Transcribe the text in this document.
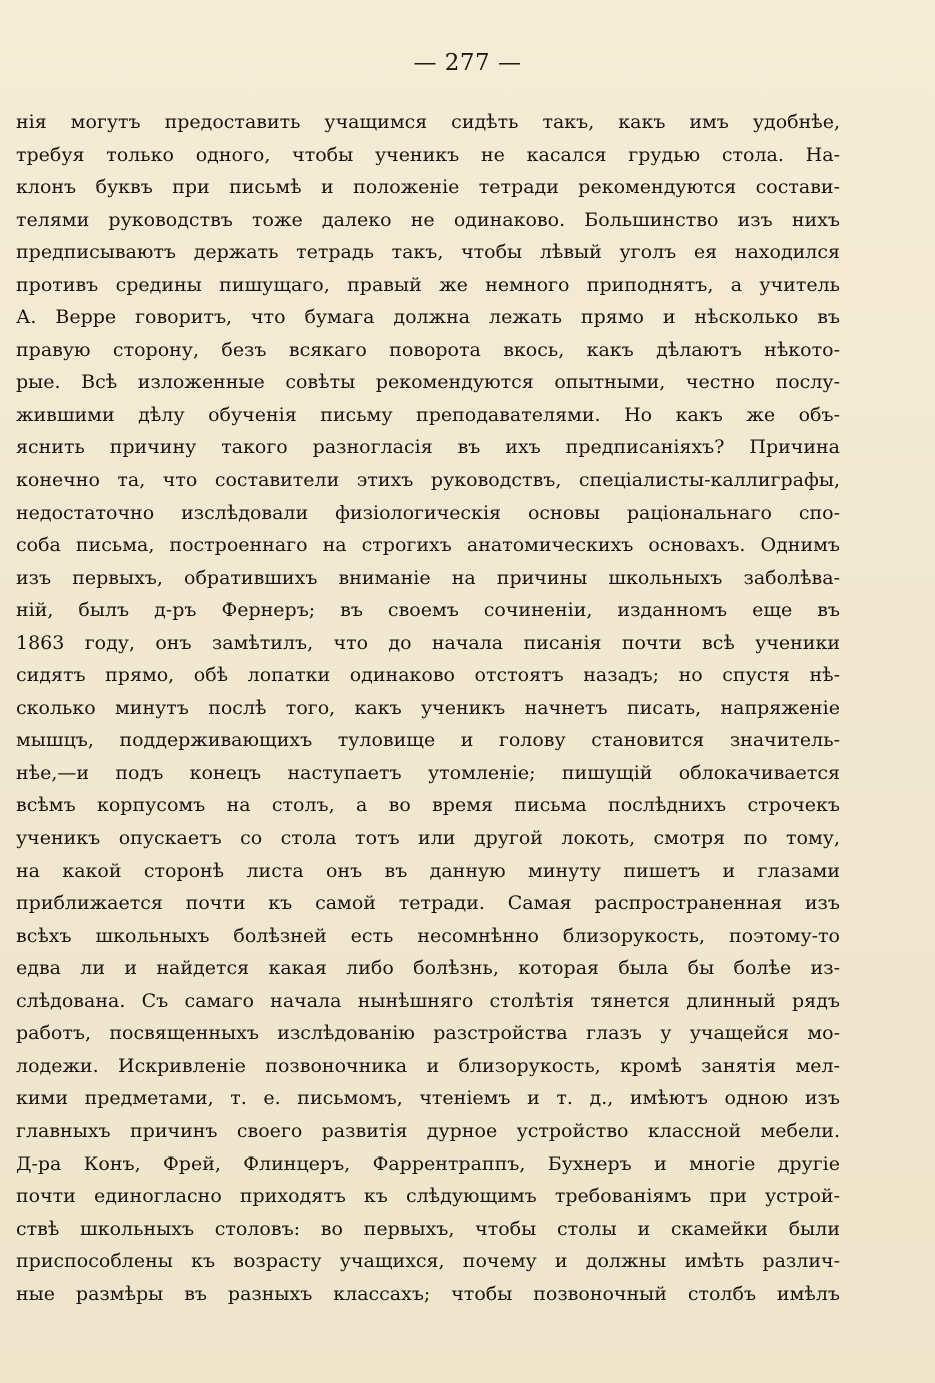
— 277 —
нія могутъ предоставить учащимся сидѣть такъ, какъ имъ удобнѣе,
требуя только одного, чтобы ученикъ не касался грудью стола. На-
клонъ буквъ при письмѣ и положеніе тетради рекомендуются состави-
телями руководствъ тоже далеко не одинаково. Большинство изъ нихъ
предписываютъ держать тетрадь такъ, чтобы лѣвый уголъ ея находился
противъ средины пишущаго, правый же немного приподнятъ, а учитель
А. Верре говоритъ, что бумага должна лежать прямо и нѣсколько въ
правую сторону, безъ всякаго поворота вкось, какъ дѣлаютъ нѣкото-
рые. Всѣ изложенные совѣты рекомендуются опытными, честно послу-
жившими дѣлу обученія письму преподавателями. Но какъ же объ-
яснить причину такого разногласія въ ихъ предписаніяхъ? Причина
конечно та, что составители этихъ руководствъ, спеціалисты-каллиграфы,
недостаточно изслѣдовали физіологическія основы раціональнаго спо-
соба письма, построеннаго на строгихъ анатомическихъ основахъ. Однимъ
изъ первыхъ, обратившихъ вниманіе на причины школьныхъ заболѣва-
ній, былъ д-ръ Фернеръ; въ своемъ сочиненіи, изданномъ еще въ
1863 году, онъ замѣтилъ, что до начала писанія почти всѣ ученики
сидятъ прямо, обѣ лопатки одинаково отстоятъ назадъ; но спустя нѣ-
сколько минутъ послѣ того, какъ ученикъ начнетъ писать, напряженіе
мышцъ, поддерживающихъ туловище и голову становится значитель-
нѣе,—и подъ конецъ наступаетъ утомленіе; пишущій облокачивается
всѣмъ корпусомъ на столъ, а во время письма послѣднихъ строчекъ
ученикъ опускаетъ со стола тотъ или другой локоть, смотря по тому,
на какой сторонѣ листа онъ въ данную минуту пишетъ и глазами
приближается почти къ самой тетради. Самая распространенная изъ
всѣхъ школьныхъ болѣзней есть несомнѣнно близорукость, поэтому-то
едва ли и найдется какая либо болѣзнь, которая была бы болѣе из-
слѣдована. Съ самаго начала нынѣшняго столѣтія тянется длинный рядъ
работъ, посвященныхъ изслѣдованію разстройства глазъ у учащейся мо-
лодежи. Искривленіе позвоночника и близорукость, кромѣ занятія мел-
кими предметами, т. е. письмомъ, чтеніемъ и т. д., имѣютъ одною изъ
главныхъ причинъ своего развитія дурное устройство классной мебели.
Д-ра Конъ, Фрей, Флинцеръ, Фаррентраппъ, Бухнеръ и многіе другіе
почти единогласно приходятъ къ слѣдующимъ требованіямъ при устрой-
ствѣ школьныхъ столовъ: во первыхъ, чтобы столы и скамейки были
приспособлены къ возрасту учащихся, почему и должны имѣть различ-
ные размѣры въ разныхъ классахъ; чтобы позвоночный столбъ имѣлъ
